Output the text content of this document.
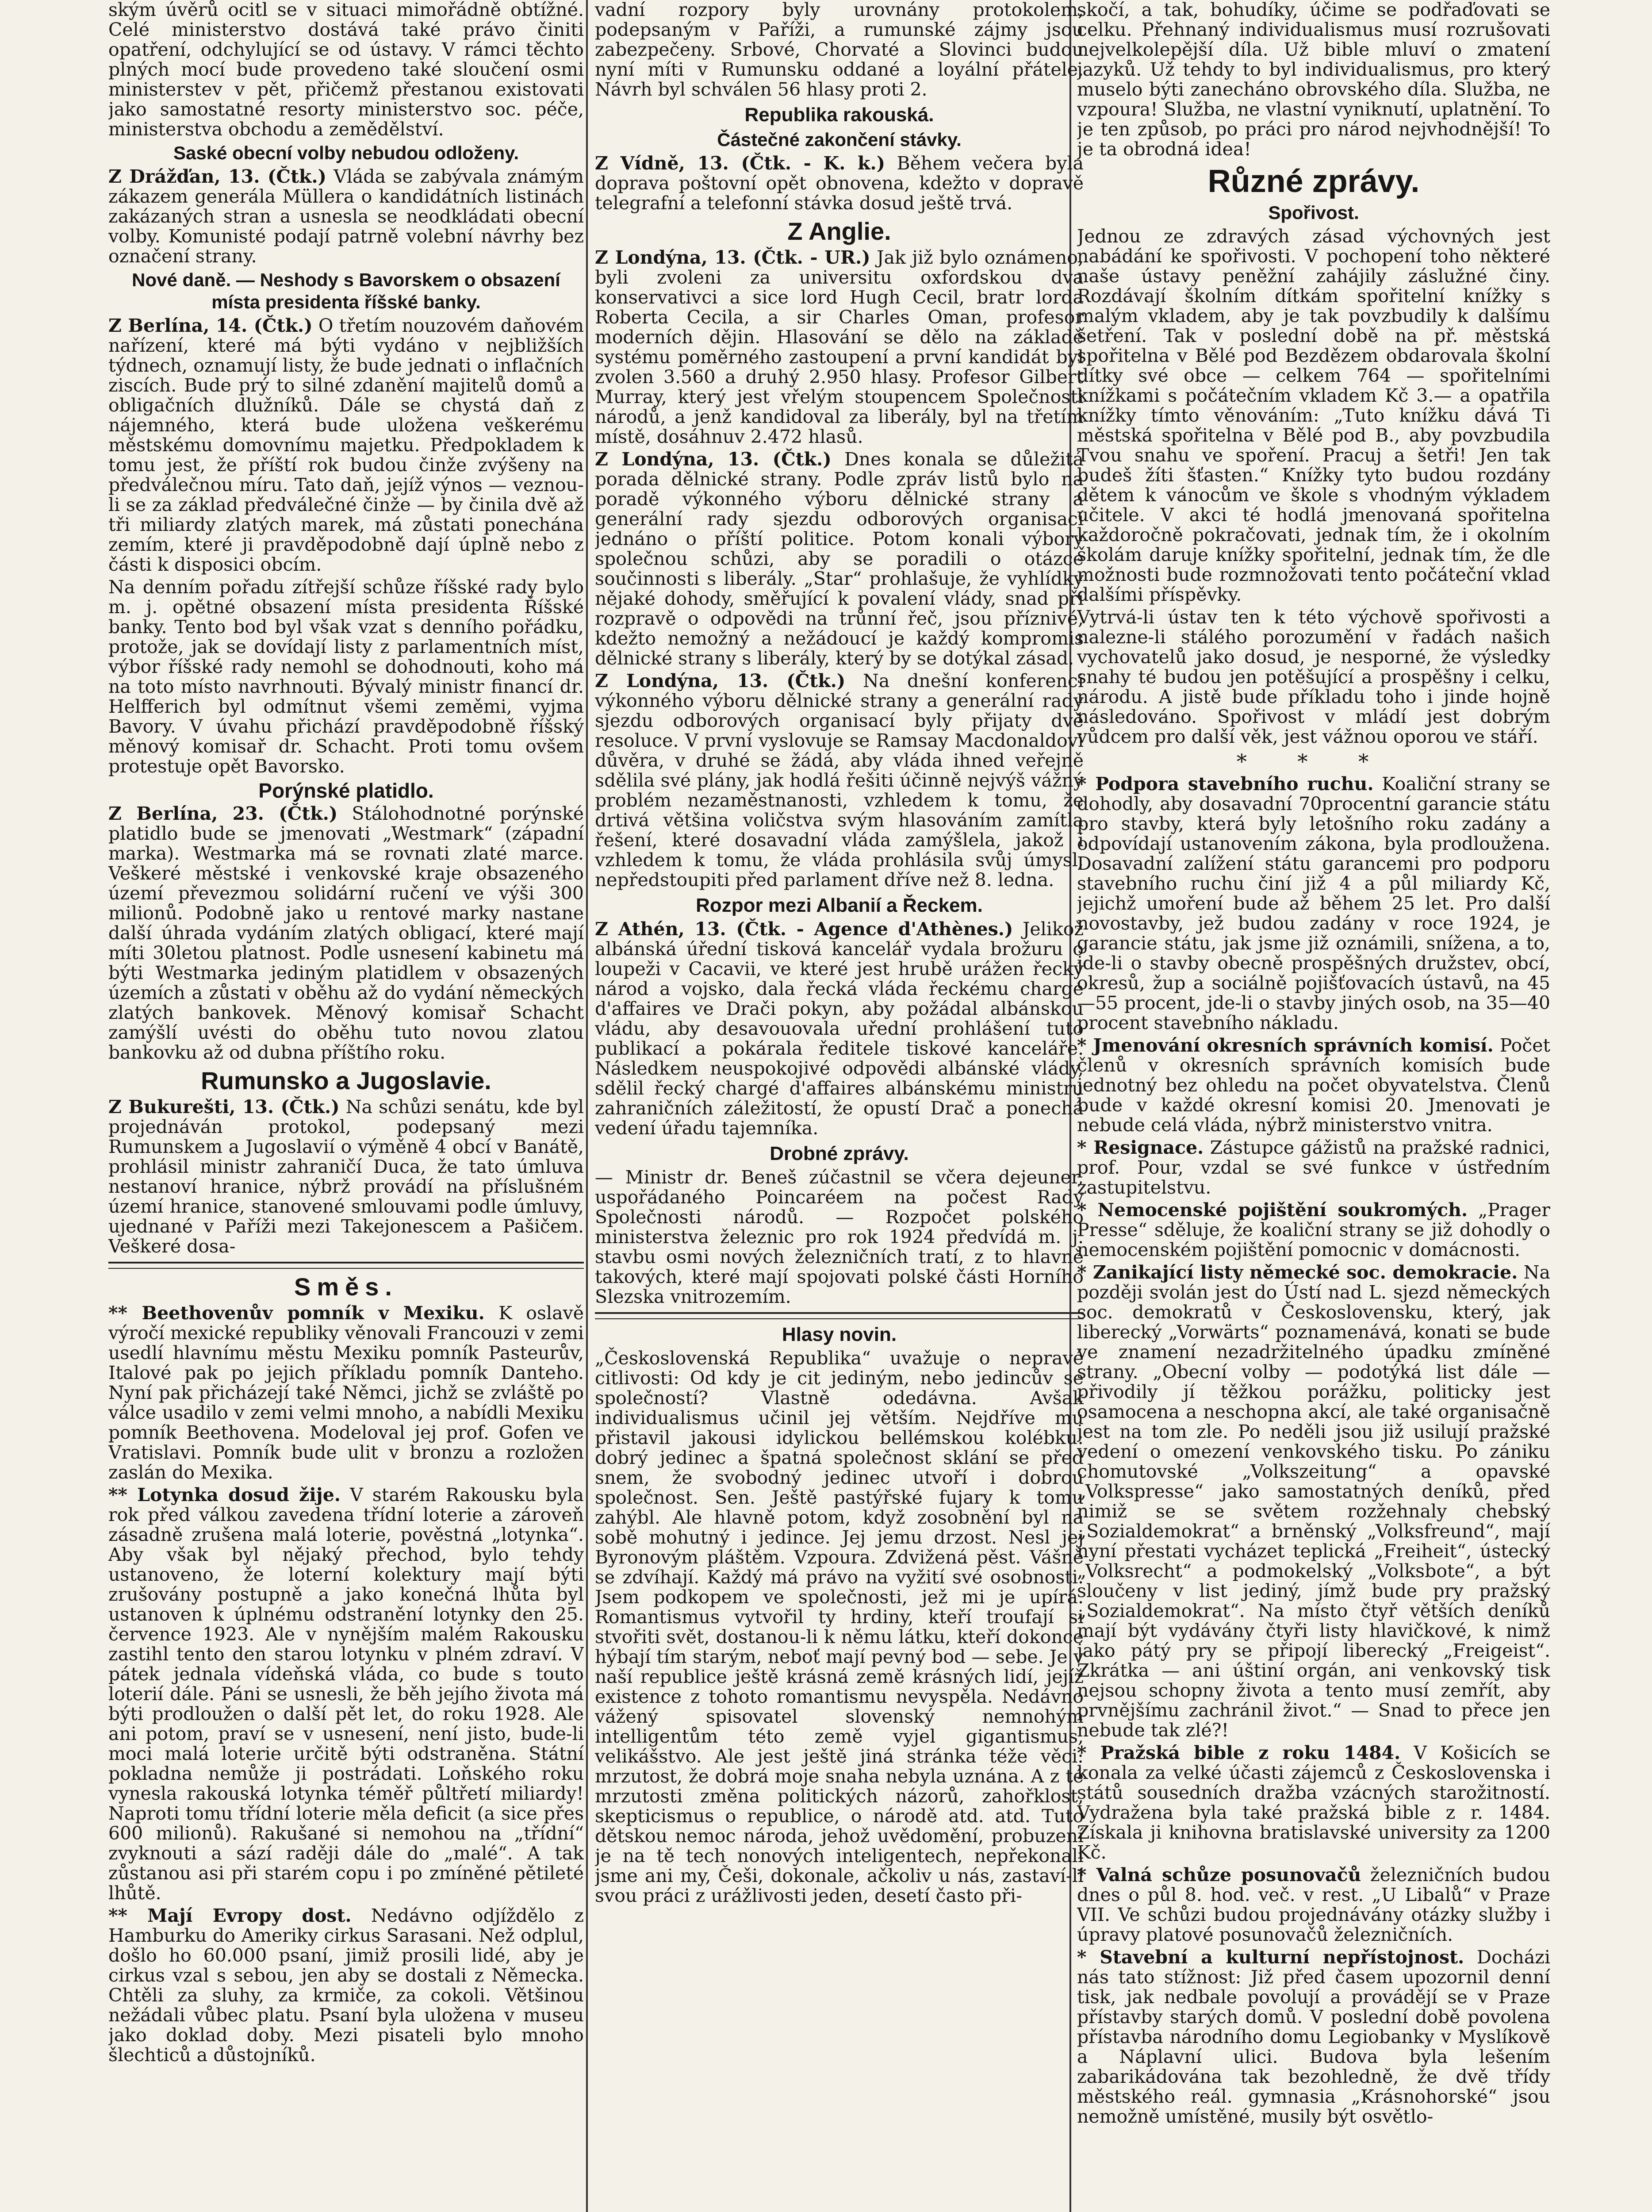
ským úvěrů ocitl se v situaci mimořádně obtížné. Celé ministerstvo dostává také právo činiti opatření, odchylující se od ústavy. V rámci těchto plných mocí bude provedeno také sloučení osmi ministerstev v pět, přičemž přestanou existovati jako samostatné resorty ministerstvo soc. péče, ministerstva obchodu a zemědělství.

Saské obecní volby nebudou odloženy.

Z Drážďan, 13. (Čtk.) Vláda se zabývala známým zákazem generála Müllera o kandidátních listinách zakázaných stran a usnesla se neodkládati obecní volby. Komunisté podají patrně volební návrhy bez označení strany.

Nové daně. — Neshody s Bavorskem o obsazení místa presidenta říšské banky.

Z Berlína, 14. (Čtk.) O třetím nouzovém daňovém nařízení, které má býti vydáno v nejbližších týdnech, oznamují listy, že bude jednati o inflačních ziscích. Bude prý to silné zdanění majitelů domů a obligačních dlužníků. Dále se chystá daň z nájemného, která bude uložena veškerému městskému domovnímu majetku. Předpokladem k tomu jest, že příští rok budou činže zvýšeny na předválečnou míru. Tato daň, jejíž výnos — veznou-li se za základ předválečné činže — by činila dvě až tři miliardy zlatých marek, má zůstati ponechána zemím, které ji pravděpodobně dají úplně nebo z části k disposici obcím.

Na denním pořadu zítřejší schůze říšské rady bylo m. j. opětné obsazení místa presidenta Říšské banky. Tento bod byl však vzat s denního pořádku, protože, jak se dovídají listy z parlamentních míst, výbor říšské rady nemohl se dohodnouti, koho má na toto místo navrhnouti. Bývalý ministr financí dr. Helfferich byl odmítnut všemi zeměmi, vyjma Bavory. V úvahu přichází pravděpodobně říšský měnový komisař dr. Schacht. Proti tomu ovšem protestuje opět Bavorsko.

Porýnské platidlo.

Z Berlína, 23. (Čtk.) Stálohodnotné porýnské platidlo bude se jmenovati „Westmark“ (západní marka). Westmarka má se rovnati zlaté marce. Veškeré městské i venkovské kraje obsazeného území převezmou solidární ručení ve výši 300 milionů. Podobně jako u rentové marky nastane další úhrada vydáním zlatých obligací, které mají míti 30letou platnost. Podle usnesení kabinetu má býti Westmarka jediným platidlem v obsazených územích a zůstati v oběhu až do vydání německých zlatých bankovek. Měnový komisař Schacht zamýšlí uvésti do oběhu tuto novou zlatou bankovku až od dubna příštího roku.

Rumunsko a Jugoslavie.

Z Bukurešti, 13. (Čtk.) Na schůzi senátu, kde byl projednáván protokol, podepsaný mezi Rumunskem a Jugoslavií o výměně 4 obcí v Banátě, prohlásil ministr zahraničí Duca, že tato úmluva nestanoví hranice, nýbrž provádí na příslušném území hranice, stanovené smlouvami podle úmluvy, ujednané v Paříži mezi Takejonescem a Pašičem. Veškeré dosa-

Směs.

** Beethovenův pomník v Mexiku. K oslavě výročí mexické republiky věnovali Francouzi v zemi usedlí hlavnímu městu Mexiku pomník Pasteurův, Italové pak po jejich příkladu pomník Danteho. Nyní pak přicházejí také Němci, jichž se zvláště po válce usadilo v zemi velmi mnoho, a nabídli Mexiku pomník Beethovena. Modeloval jej prof. Gofen ve Vratislavi. Pomník bude ulit v bronzu a rozložen zaslán do Mexika.

** Lotynka dosud žije. V starém Rakousku byla rok před válkou zavedena třídní loterie a zároveň zásadně zrušena malá loterie, pověstná „lotynka“. Aby však byl nějaký přechod, bylo tehdy ustanoveno, že loterní kolektury mají býti zrušovány postupně a jako konečná lhůta byl ustanoven k úplnému odstranění lotynky den 25. července 1923. Ale v nynějším malém Rakousku zastihl tento den starou lotynku v plném zdraví. V pátek jednala vídeňská vláda, co bude s touto loterií dále. Páni se usnesli, že běh jejího života má býti prodloužen o další pět let, do roku 1928. Ale ani potom, praví se v usnesení, není jisto, bude-li moci malá loterie určitě býti odstraněna. Státní pokladna nemůže ji postrádati. Loňského roku vynesla rakouská lotynka téměř půltřetí miliardy! Naproti tomu třídní loterie měla deficit (a sice přes 600 milionů). Rakušané si nemohou na „třídní“ zvyknouti a sází raději dále do „malé“. A tak zůstanou asi při starém copu i po zmíněné pětileté lhůtě.

** Mají Evropy dost. Nedávno odjíždělo z Hamburku do Ameriky cirkus Sarasani. Než odplul, došlo ho 60.000 psaní, jimiž prosili lidé, aby je cirkus vzal s sebou, jen aby se dostali z Německa. Chtěli za sluhy, za krmiče, za cokoli. Většinou nežádali vůbec platu. Psaní byla uložena v museu jako doklad doby. Mezi pisateli bylo mnoho šlechticů a důstojníků.

vadní rozpory byly urovnány protokolem, podepsaným v Paříži, a rumunské zájmy jsou zabezpečeny. Srbové, Chorvaté a Slovinci budou nyní míti v Rumunsku oddané a loyální přátele. Návrh byl schválen 56 hlasy proti 2.

Republika rakouská.
Částečné zakončení stávky.

Z Vídně, 13. (Čtk. - K. k.) Během večera byla doprava poštovní opět obnovena, kdežto v dopravě telegrafní a telefonní stávka dosud ještě trvá.

Z Anglie.

Z Londýna, 13. (Čtk. - UR.) Jak již bylo oznámeno, byli zvoleni za universitu oxfordskou dva konservativci a sice lord Hugh Cecil, bratr lorda Roberta Cecila, a sir Charles Oman, profesor moderních dějin. Hlasování se dělo na základě systému poměrného zastoupení a první kandidát byl zvolen 3.560 a druhý 2.950 hlasy. Profesor Gilbert Murray, který jest vřelým stoupencem Společnosti národů, a jenž kandidoval za liberály, byl na třetím místě, dosáhnuv 2.472 hlasů.

Z Londýna, 13. (Čtk.) Dnes konala se důležitá porada dělnické strany. Podle zpráv listů bylo na poradě výkonného výboru dělnické strany a generální rady sjezdu odborových organisací jednáno o příští politice. Potom konali výbory společnou schůzi, aby se poradili o otázce součinnosti s liberály. „Star“ prohlašuje, že vyhlídky nějaké dohody, směřující k povalení vlády, snad při rozpravě o odpovědi na trůnní řeč, jsou příznivé, kdežto nemožný a nežádoucí je každý kompromis dělnické strany s liberály, který by se dotýkal zásad.

Z Londýna, 13. (Čtk.) Na dnešní konferenci výkonného výboru dělnické strany a generální rady sjezdu odborových organisací byly přijaty dvě resoluce. V první vyslovuje se Ramsay Macdonaldovi důvěra, v druhé se žádá, aby vláda ihned veřejně sdělila své plány, jak hodlá řešiti účinně nejvýš vážný problém nezaměstnanosti, vzhledem k tomu, že drtivá většina voličstva svým hlasováním zamítla řešení, které dosavadní vláda zamýšlela, jakož i vzhledem k tomu, že vláda prohlásila svůj úmysl, nepředstoupiti před parlament dříve než 8. ledna.

Rozpor mezi Albanií a Řeckem.

Z Athén, 13. (Čtk. - Agence d'Athènes.) Jelikož albánská úřední tisková kancelář vydala brožuru o loupeži v Cacavii, ve které jest hrubě urážen řecký národ a vojsko, dala řecká vláda řeckému chargé d'affaires ve Drači pokyn, aby požádal albánskou vládu, aby desavouovala uřední prohlášení tuto publikací a pokárala ředitele tiskové kanceláře. Následkem neuspokojivé odpovědi albánské vlády, sdělil řecký chargé d'affaires albánskému ministru zahraničních záležitostí, že opustí Drač a ponechá vedení úřadu tajemníka.

Drobné zprávy.

— Ministr dr. Beneš zúčastnil se včera dejeuner, uspořádaného Poincaréem na počest Rady Společnosti národů. — Rozpočet polského ministerstva železnic pro rok 1924 předvídá m. j. stavbu osmi nových železničních tratí, z to hlavně takových, které mají spojovati polské části Horního Slezska vnitrozemím.

Hlasy novin.

„Československá Republika“ uvažuje o nepravé citlivosti: Od kdy je cit jediným, nebo jedincův se společností? Vlastně odedávna. Avšak individualismus učinil jej větším. Nejdříve mu přistavil jakousi idylickou bellémskou kolébku: dobrý jedinec a špatná společnost sklání se před snem, že svobodný jedinec utvoří i dobrou společnost. Sen. Ještě pastýřské fujary k tomu zahýbl. Ale hlavně potom, když zosobnění byl na sobě mohutný i jedince. Jej jemu drzost. Nesl jej Byronovým pláštěm. Vzpoura. Zdvižená pěst. Vášně se zdvíhají. Každý má právo na vyžití své osobnosti. Jsem podkopem ve společnosti, jež mi je upírá. Romantismus vytvořil ty hrdiny, kteří troufají si stvořiti svět, dostanou-li k němu látku, kteří dokonce hýbají tím starým, neboť mají pevný bod — sebe. Je v naší republice ještě krásná země krásných lidí, jejíž existence z tohoto romantismu nevyspěla. Nedávno vážený spisovatel slovenský nemnohým intelligentům této země vyjel gigantismus, velikášstvo. Ale jest ještě jiná stránka téže věci: mrzutost, že dobrá moje snaha nebyla uznána. A z té mrzutosti změna politických názorů, zahořklost, skepticismus o republice, o národě atd. atd. Tuto dětskou nemoc národa, jehož uvědomění, probuzení je na tě tech nonových inteligentech, nepřekonali jsme ani my, Češi, dokonale, ačkoliv u nás, zastaví-li svou práci z urážlivosti jeden, desetí často při-

skočí, a tak, bohudíky, účime se podřaďovati se celku. Přehnaný individualismus musí rozrušovati nejvelkolepější díla. Už bible mluví o zmatení jazyků. Už tehdy to byl individualismus, pro který muselo býti zanecháno obrovského díla. Služba, ne vzpoura! Služba, ne vlastní vyniknutí, uplatnění. To je ten způsob, po práci pro národ nejvhodnější! To je ta obrodná idea!

Různé zprávy.
Spořivost.

Jednou ze zdravých zásad výchovných jest nabádání ke spořivosti. V pochopení toho některé naše ústavy peněžní zahájily záslužné činy. Rozdávají školním dítkám spořitelní knížky s malým vkladem, aby je tak povzbudily k dalšímu šetření. Tak v poslední době na př. městská spořitelna v Bělé pod Bezdězem obdarovala školní dítky své obce — celkem 764 — spořitelními knížkami s počátečním vkladem Kč 3.— a opatřila knížky tímto věnováním: „Tuto knížku dává Ti městská spořitelna v Bělé pod B., aby povzbudila Tvou snahu ve spoření. Pracuj a šetři! Jen tak budeš žíti šťasten.“ Knížky tyto budou rozdány dětem k vánocům ve škole s vhodným výkladem učitele. V akci té hodlá jmenovaná spořitelna každoročně pokračovati, jednak tím, že i okolním školám daruje knížky spořitelní, jednak tím, že dle možnosti bude rozmnožovati tento počáteční vklad dalšími příspěvky.

Vytrvá-li ústav ten k této výchově spořivosti a nalezne-li stálého porozumění v řadách našich vychovatelů jako dosud, je nesporné, že výsledky snahy té budou jen potěšující a prospěšny i celku, národu. A jistě bude příkladu toho i jinde hojně následováno. Spořivost v mládí jest dobrým vůdcem pro další věk, jest vážnou oporou ve stáří.

* * *

* Podpora stavebního ruchu. Koaliční strany se dohodly, aby dosavadní 70procentní garancie státu pro stavby, která byly letošního roku zadány a odpovídají ustanovením zákona, byla prodloužena. Dosavadní zalížení státu garancemi pro podporu stavebního ruchu činí již 4 a půl miliardy Kč, jejichž umoření bude až během 25 let. Pro další novostavby, jež budou zadány v roce 1924, je garancie státu, jak jsme již oznámili, snížena, a to, jde-li o stavby obecně prospěšných družstev, obcí, okresů, žup a sociálně pojišťovacích ústavů, na 45—55 procent, jde-li o stavby jiných osob, na 35—40 procent stavebního nákladu.

* Jmenování okresních správních komisí. Počet členů v okresních správních komisích bude jednotný bez ohledu na počet obyvatelstva. Členů bude v každé okresní komisi 20. Jmenovati je nebude celá vláda, nýbrž ministerstvo vnitra.

* Resignace. Zástupce gážistů na pražské radnici, prof. Pour, vzdal se své funkce v ústředním zastupitelstvu.

* Nemocenské pojištění soukromých. „Prager Presse“ sděluje, že koaliční strany se již dohodly o nemocenském pojištění pomocnic v domácnosti.

* Zanikající listy německé soc. demokracie. Na později svolán jest do Ústí nad L. sjezd německých soc. demokratů v Československu, který, jak liberecký „Vorwärts“ poznamenává, konati se bude ve znamení nezadržitelného úpadku zmíněné strany. „Obecní volby — podotýká list dále — přivodily jí těžkou porážku, politicky jest osamocena a neschopna akcí, ale také organisačně jest na tom zle. Po neděli jsou již usilují pražské vedení o omezení venkovského tisku. Po zániku chomutovské „Volkszeitung“ a opavské „Volkspresse“ jako samostatných deníků, před nimiž se se světem rozžehnaly chebský „Sozialdemokrat“ a brněnský „Volksfreund“, mají nyní přestati vycházet teplická „Freiheit“, ústecký „Volksrecht“ a podmokelský „Volksbote“, a být sloučeny v list jediný, jímž bude pry pražský „Sozialdemokrat“. Na místo čtyř větších deníků mají být vydávány čtyři listy hlavičkové, k nimž jako pátý pry se připojí liberecký „Freigeist“. Zkrátka — ani úštiní orgán, ani venkovský tisk nejsou schopny života a tento musí zemřít, aby prvnějšímu zachránil život.“ — Snad to přece jen nebude tak zlé?!

* Pražská bible z roku 1484. V Košicích se konala za velké účasti zájemců z Československa i států sousedních dražba vzácných starožitností. Vydražena byla také pražská bible z r. 1484. Získala ji knihovna bratislavské university za 1200 Kč.

* Valná schůze posunovačů železničních budou dnes o půl 8. hod. več. v rest. „U Libalů“ v Praze VII. Ve schůzi budou projednávány otázky služby i úpravy platové posunovačů železničních.

* Stavební a kulturní nepřístojnost. Docházi nás tato stížnost: Již před časem upozornil denní tisk, jak nedbale povolují a provádějí se v Praze přístavby starých domů. V poslední době povolena přístavba národního domu Legiobanky v Myslíkově a Náplavní ulici. Budova byla lešením zabarikádována tak bezohledně, že dvě třídy městského reál. gymnasia „Krásnohorské“ jsou nemožně umístěné, musily být osvětlo-
